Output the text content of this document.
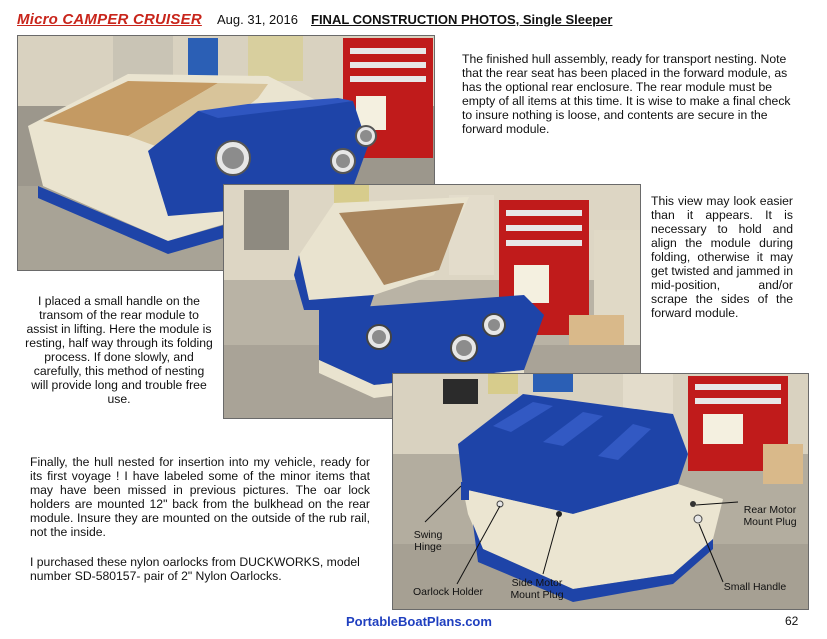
Micro CAMPER CRUISER Aug. 31, 2016 FINAL CONSTRUCTION PHOTOS, Single Sleeper
Swing Hinge
Oarlock Holder
Side Motor Mount Plug
Rear Motor Mount Plug
Small Handle
The finished hull assembly, ready for transport nesting. Note that the rear seat has been placed in the forward module, as has the optional rear enclosure. The rear module must be empty of all items at this time. It is wise to make a final check to insure nothing is loose, and contents are secure in the forward module.
This view may look easier than it appears. It is necessary to hold and align the module during folding, otherwise it may get twisted and jammed in mid-position, and/or scrape the sides of the forward module.
I placed a small handle on the transom of the rear module to assist in lifting. Here the module is resting, half way through its folding process. If done slowly, and carefully, this method of nesting will provide long and trouble free use.
Finally, the hull nested for insertion into my vehicle, ready for its first voyage ! I have labeled some of the minor items that may have been missed in previous pictures. The oar lock holders are mounted 12" back from the bulkhead on the rear module. Insure they are mounted on the outside of the rub rail, not the inside.
I purchased these nylon oarlocks from DUCKWORKS, model number SD-580157- pair of 2" Nylon Oarlocks.
PortableBoatPlans.com	62
